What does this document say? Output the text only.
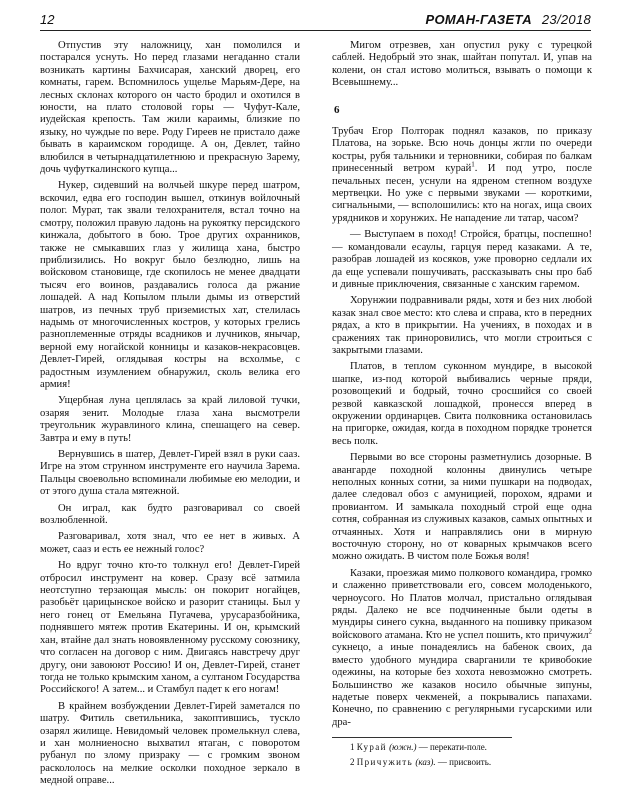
12	РОМАН-ГАЗЕТА 23/2018

Отпустив эту наложницу, хан помолился и постарался уснуть. Но перед глазами негаданно стали возникать картины Бахчисарая, ханский дворец, его комнаты, гарем. Вспомнилось ущелье Марьям-Дере, на лесных склонах которого он часто бродил и охотился в юности, на плато столовой горы — Чуфут-Кале, иудейская крепость. Там жили караимы, близкие по языку, но чуждые по вере. Роду Гиреев не пристало даже бывать в караимском городище. А он, Девлет, тайно влюбился в четырнадцатилетнюю и прекрасную Зарему, дочь чуфуткалинского купца...

Нукер, сидевший на волчьей шкуре перед шатром, вскочил, едва его господин вышел, откинув войлочный полог. Мурат, так звали телохранителя, встал точно на смотру, положил правую ладонь на рукоятку персидского кинжала, добытого в бою. Трое других охранников, также не смыкавших глаз у жилища хана, быстро приблизились. Но вокруг было безлюдно, лишь на войсковом становище, где скопилось не менее двадцати тысяч его воинов, раздавались голоса да ржание лошадей. А над Копылом плыли дымы из отверстий шатров, из печных труб приземистых хат, стелилась надымь от многочисленных костров, у которых грелись разноплеменные отряды всадников и лучников, янычар, верной ему ногайской конницы и казаков-некрасовцев. Девлет-Гирей, оглядывая костры на всхолмье, с радостным изумлением обнаружил, сколь велика его армия!

Ущербная луна цеплялась за край лиловой тучки, озаряя зенит. Молодые глаза хана высмотрели треугольник журавлиного клина, спешащего на север. Завтра и ему в путь!

Вернувшись в шатер, Девлет-Гирей взял в руки сааз. Игре на этом струнном инструменте его научила Зарема. Пальцы своевольно вспоминали любимые ею мелодии, и от этого душа стала мятежной.

Он играл, как будто разговаривал со своей возлюбленной.

Разговаривал, хотя знал, что ее нет в живых. А может, сааз и есть ее нежный голос?

Но вдруг точно кто-то толкнул его! Девлет-Гирей отбросил инструмент на ковер. Сразу всё затмила неотступно терзающая мысль: он покорит ногайцев, разобьёт царицынское войско и разорит станицы. Был у него гонец от Емельяна Пугачева, урусаразбойника, поднявшего мятеж против Екатерины. И он, крымский хан, втайне дал знать новоявленному русскому союзнику, что согласен на договор с ним. Двигаясь навстречу друг другу, они завоюют Россию! И он, Девлет-Гирей, станет тогда не только крымским ханом, а султаном Государства Российского! А затем... и Стамбул падет к его ногам!

В крайнем возбуждении Девлет-Гирей заметался по шатру. Фитиль светильника, закоптившись, тускло озарял жилище. Невидомый человек промелькнул слева, и хан молниеносно выхватил ятаган, с поворотом рубанул по злому призраку — с громким звоном раскололось на мелкие осколки походное зеркало в медной оправе...

Мигом отрезвев, хан опустил руку с турецкой саблей. Недобрый это знак, шайтан попутал. И, упав на колени, он стал истово молиться, взывать о помощи к Всевышнему...

6

Трубач Егор Полторак поднял казаков, по приказу Платова, на зорьке. Всю ночь донцы жгли по очереди костры, рубя тальники и терновники, собирая по балкам принесенный ветром курай$^1$. И под утро, после печальных песен, уснули на ядреном степном воздухе мертвецки. Но уже с первыми звуками — короткими, сигнальными, — всполошились: кто на ногах, ища своих урядников и хорунжих. Не нападение ли татар, часом?

— Выступаем в поход! Стройся, братцы, поспешно! — командовали есаулы, гарцуя перед казаками. А те, разобрав лошадей из косяков, уже проворно седлали их да еще успевали пошучивать, рассказывать сны про баб и дивные приключения, связанные с ханским гаремом.

Хорунжии подравнивали ряды, хотя и без них любой казак знал свое место: кто слева и справа, кто в передних рядах, а кто в прикрытии. На учениях, в походах и в сражениях так приноровились, что могли строиться с закрытыми глазами.

Платов, в теплом суконном мундире, в высокой шапке, из-под которой выбивались черные пряди, розовощекий и бодрый, точно сросшийся со своей резвой кавказской лошадкой, пронесся вперед в окружении ординарцев. Свита полковника остановилась на пригорке, ожидая, когда в походном порядке тронется весь полк.

Первыми во все стороны разметнулись дозорные. В авангарде походной колонны двинулись четыре неполных конных сотни, за ними пушкари на подводах, далее следовал обоз с амуницией, порохом, ядрами и провиантом. И замыкала походный строй еще одна сотня, собранная из служивых казаков, самых опытных и отчаянных. Хотя и направлялись они в мирную восточную сторону, но от коварных крымчаков всего можно ожидать. В чистом поле Божья воля!

Казаки, проезжая мимо полкового командира, громко и слаженно приветствовали его, совсем молоденького, черноусого. Но Платов молчал, пристально оглядывая ряды. Далеко не все подчиненные были одеты в мундиры синего сукна, выданного на пошивку приказом войскового атамана. Кто не успел пошить, кто причужил$^2$ сукнецо, а иные понадеялись на бабенок своих, да вместо удобного мундира сварганили те кривобокие одежины, на которые без хохота невозможно смотреть. Большинство же казаков носило обычные зипуны, надетые поверх чекменей, а покрывались папахами. Конечно, по сравнению с регулярными гусарскими или дра-

1 Курай (южн.) — перекати-поле.

2 Причужить (каз). — присвоить.
